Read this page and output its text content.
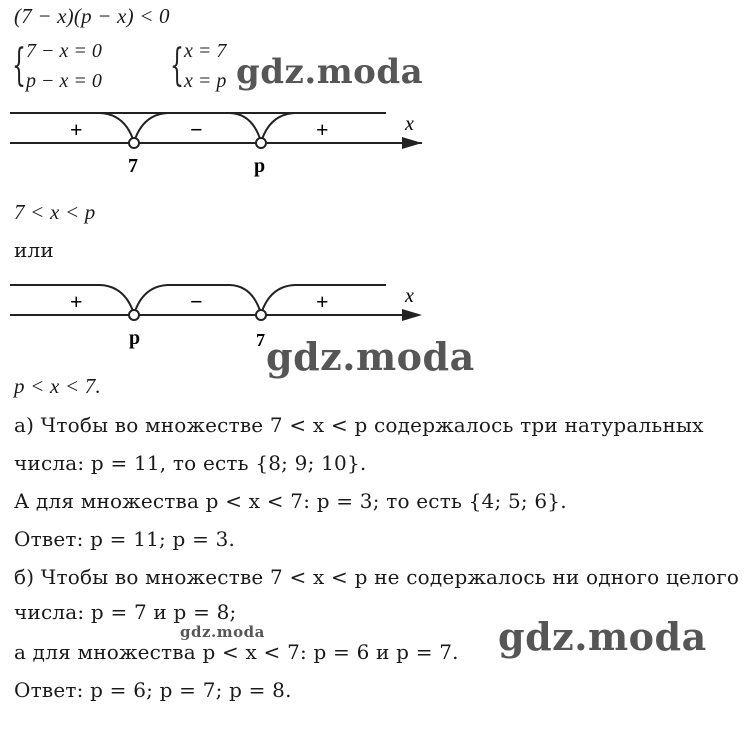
(7 − x)(p − x) < 0
{ 7 − x = 0
p − x = 0 { x = 7
x = p
+	−	+
7	p
x
7 < x < p
или
+	−	+
p	7
x
p < x < 7.
а) Чтобы во множестве 7 < x < p содержалось три натуральных
числа: p = 11, то есть {8; 9; 10}.
А для множества p < x < 7: p = 3; то есть {4; 5; 6}.
Ответ: p = 11; p = 3.
б) Чтобы во множестве 7 < x < p не содержалось ни одного целого
числа: p = 7 и p = 8;
а для множества p < x < 7: p = 6 и p = 7.
Ответ: p = 6; p = 7; p = 8.
gdz.moda
gdz.moda
gdz.moda	gdz.moda
